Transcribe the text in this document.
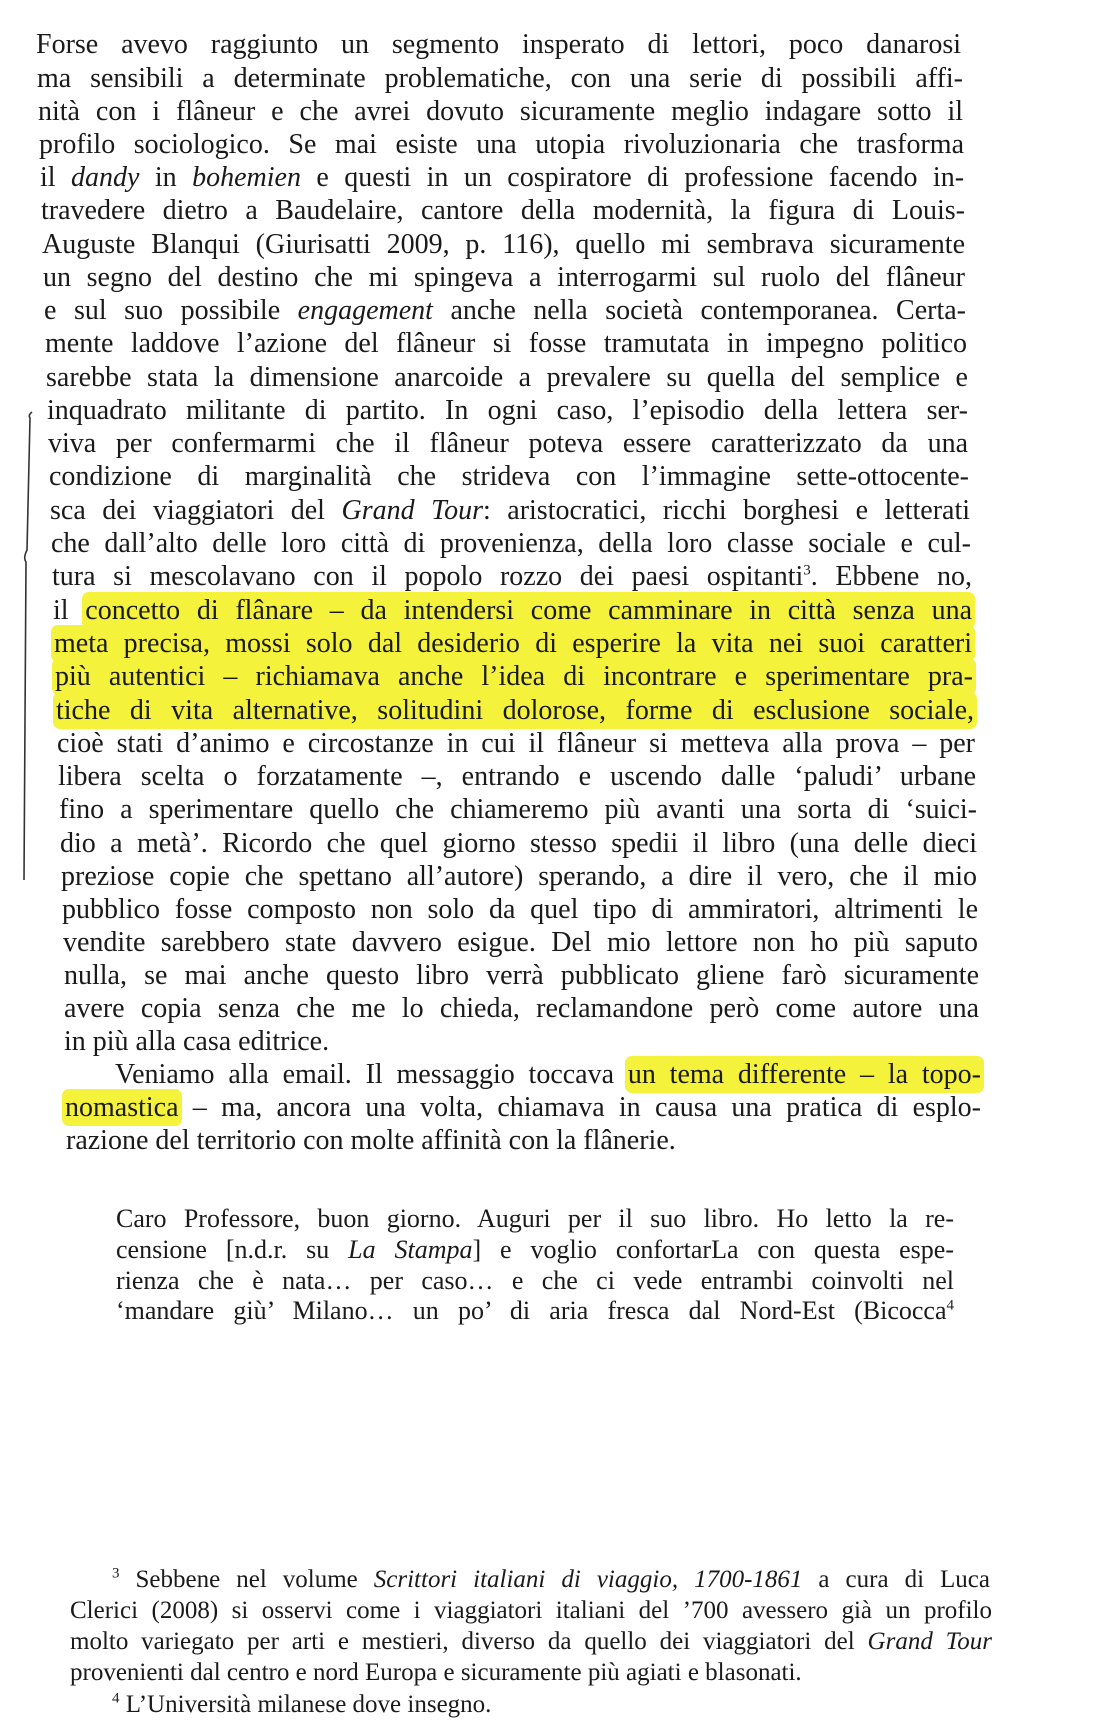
Forse avevo raggiunto un segmento insperato di lettori, poco danarosi
ma sensibili a determinate problematiche, con una serie di possibili affi-
nità con i flâneur e che avrei dovuto sicuramente meglio indagare sotto il
profilo sociologico. Se mai esiste una utopia rivoluzionaria che trasforma
il dandy in bohemien e questi in un cospiratore di professione facendo in-
travedere dietro a Baudelaire, cantore della modernità, la figura di Louis-
Auguste Blanqui (Giurisatti 2009, p. 116), quello mi sembrava sicuramente
un segno del destino che mi spingeva a interrogarmi sul ruolo del flâneur
e sul suo possibile engagement anche nella società contemporanea. Certa-
mente laddove l’azione del flâneur si fosse tramutata in impegno politico
sarebbe stata la dimensione anarcoide a prevalere su quella del semplice e
inquadrato militante di partito. In ogni caso, l’episodio della lettera ser-
viva per confermarmi che il flâneur poteva essere caratterizzato da una
condizione di marginalità che strideva con l’immagine sette-ottocente-
sca dei viaggiatori del Grand Tour: aristocratici, ricchi borghesi e letterati
che dall’alto delle loro città di provenienza, della loro classe sociale e cul-
tura si mescolavano con il popolo rozzo dei paesi ospitanti$^3$. Ebbene no,
il concetto di flânare – da intendersi come camminare in città senza una
meta precisa, mossi solo dal desiderio di esperire la vita nei suoi caratteri
più autentici – richiamava anche l’idea di incontrare e sperimentare pra-
tiche di vita alternative, solitudini dolorose, forme di esclusione sociale,
cioè stati d’animo e circostanze in cui il flâneur si metteva alla prova – per
libera scelta o forzatamente –, entrando e uscendo dalle ‘paludi’ urbane
fino a sperimentare quello che chiameremo più avanti una sorta di ‘suici-
dio a metà’. Ricordo che quel giorno stesso spedii il libro (una delle dieci
preziose copie che spettano all’autore) sperando, a dire il vero, che il mio
pubblico fosse composto non solo da quel tipo di ammiratori, altrimenti le
vendite sarebbero state davvero esigue. Del mio lettore non ho più saputo
nulla, se mai anche questo libro verrà pubblicato gliene farò sicuramente
avere copia senza che me lo chieda, reclamandone però come autore una
in più alla casa editrice.
Veniamo alla email. Il messaggio toccava un tema differente – la topo-
nomastica – ma, ancora una volta, chiamava in causa una pratica di esplo-
razione del territorio con molte affinità con la flânerie.
Caro Professore, buon giorno. Auguri per il suo libro. Ho letto la re-
censione [n.d.r. su La Stampa] e voglio confortarLa con questa espe-
rienza che è nata… per caso… e che ci vede entrambi coinvolti nel
‘mandare giù’ Milano… un po’ di aria fresca dal Nord-Est (Bicocca$^4$
$^3$ Sebbene nel volume Scrittori italiani di viaggio, 1700-1861 a cura di Luca
Clerici (2008) si osservi come i viaggiatori italiani del ’700 avessero già un profilo
molto variegato per arti e mestieri, diverso da quello dei viaggiatori del Grand Tour
provenienti dal centro e nord Europa e sicuramente più agiati e blasonati.
$^4$ L’Università milanese dove insegno.
